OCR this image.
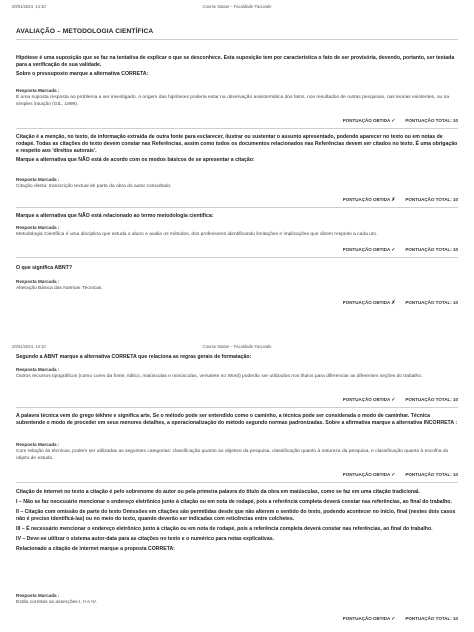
20/01/2024, 14:10	Course Status – Faculdade Facuvale
AVALIAÇÃO – METODOLOGIA CIENTÍFICA

Hipótese é uma suposição que se faz na tentativa de explicar o que se desconhece. Esta suposição tem por característica o fato de ser provisória, devendo, portanto, ser testada para a verificação de sua validade.

Sobre o pressuposto marque a alternativa CORRETA:

Resposta Marcada :
É uma suposta resposta ao problema a ser investigado. A origem das hipóteses poderia estar na observação assistemática dos fatos, nos resultados de outras pesquisas, nas teorias existentes, ou na simples intuição (GIL, 1999).
PONTUAÇÃO OBTIDA✓ PONTUAÇÃO TOTAL: 10

Citação é a menção, no texto, de informação extraída de outra fonte para esclarecer, ilustrar ou sustentar o assunto apresentado, podendo aparecer no texto ou em notas de rodapé. Todas as citações do texto devem constar nas Referências, assim como todos os documentos relacionados nas Referências devem ser citados no texto. É uma obrigação e respeito aos 'direitos autorais'.

Marque a alternativa que NÃO está de acordo com os modos básicos de se apresentar a citação:

Resposta Marcada :
Citação direta: transcrição textual de parte da obra do autor consultado.
PONTUAÇÃO OBTIDA✗ PONTUAÇÃO TOTAL: 10

Marque a alternativa que NÃO está relacionado ao termo metodologia científica:

Resposta Marcada :
Metodologia Científica é uma disciplina que estuda o aluno e avalia os métodos, dos professores identificando limitações e implicações que dizem respeito a cada um.
PONTUAÇÃO OBTIDA✓ PONTUAÇÃO TOTAL: 10

O que significa ABNT?

Resposta Marcada :
Alteração Básica das Normas Técnicas.
PONTUAÇÃO OBTIDA✗ PONTUAÇÃO TOTAL: 10
20/01/2024, 14:10	Course Status – Faculdade Facuvale

Segundo a ABNT marque a alternativa CORRETA que relaciona as regras gerais de formatação:

Resposta Marcada :
Outros recursos tipográficos (como cores da fonte, itálico, maiúsculas e minúsculas, versalete no Word) poderão ser utilizados nos títulos para diferenciar as diferentes seções do trabalho.
PONTUAÇÃO OBTIDA✓ PONTUAÇÃO TOTAL: 10

A palavra técnica vem do grego tékhne e significa arte. Se o método pode ser entendido como o caminho, a técnica pode ser considerada o modo de caminhar. Técnica subentende o modo de proceder em seus menores detalhes, a operacionalização do método segundo normas padronizadas. Sobre a afirmativa marque a alternativa INCORRETA :

Resposta Marcada :
Com relação às técnicas, podem ser utilizadas as seguintes categorias: classificação quanto ao objetivo da pesquisa, classificação quanto à natureza da pesquisa, e classificação quanto à escolha do objeto de estudo.
PONTUAÇÃO OBTIDA✓ PONTUAÇÃO TOTAL: 10

Citação de internet no texto a citação é pelo sobrenome do autor ou pela primeira palavra do título da obra em maiúsculas, como se faz em uma citação tradicional.

I – Não se faz necessário mencionar o endereço eletrônico junto à citação ou em nota de rodapé, pois a referência completa deverá constar nas referências, ao final do trabalho.

II – Citação com omissão de parte do texto Omissões em citações são permitidas desde que não alterem o sentido do texto, podendo acontecer no início, final (nestes dois casos não é preciso identificá-las) ou no meio do texto, quando deverão ser indicadas com reticências entre colchetes.

III – É necessário mencionar o endereço eletrônico junto à citação ou em nota de rodapé, pois a referência completa deverá constar nas referências, ao final do trabalho.

IV – Deve-se utilizar o sistema autor-data para as citações no texto e o numérico para notas explicativas.

Relacionado a citação de internet marque a proposta CORRETA:

Resposta Marcada :
Estão corretas as asserções I, II e IV.
PONTUAÇÃO OBTIDA✓ PONTUAÇÃO TOTAL: 10
